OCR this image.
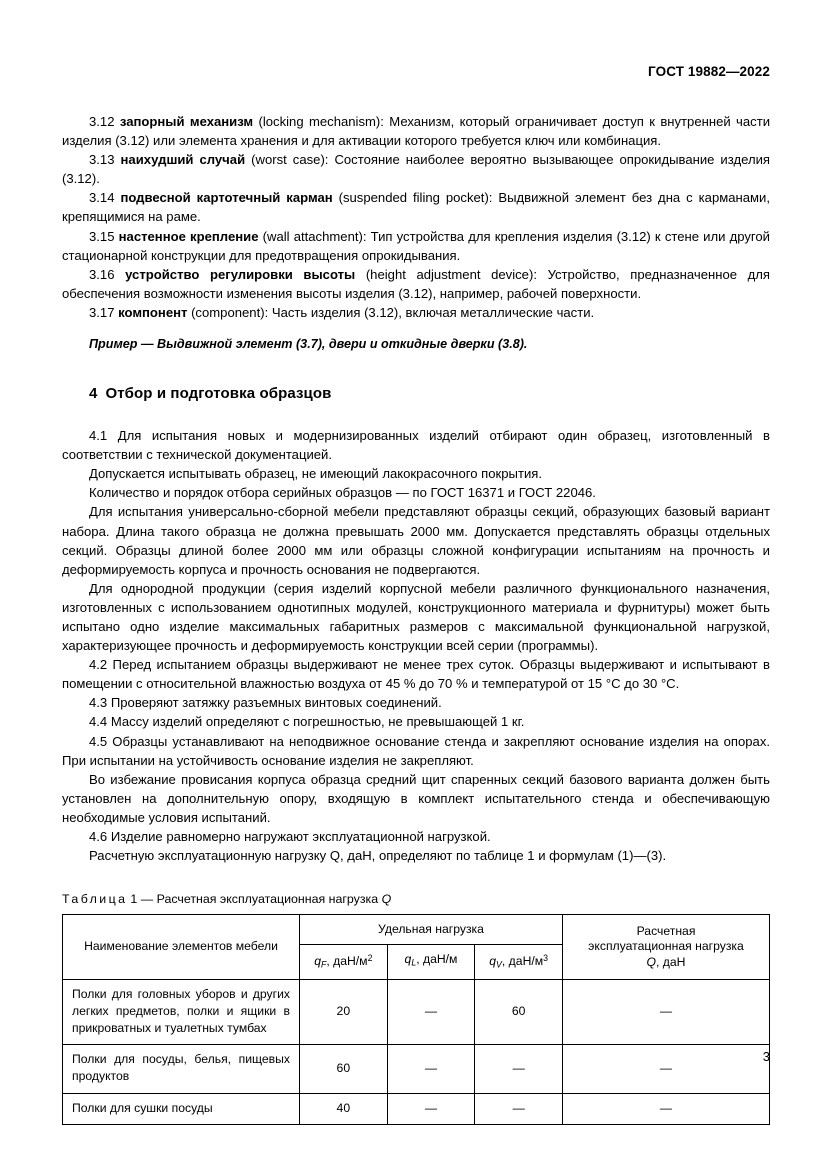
ГОСТ 19882—2022

3.12 запорный механизм (locking mechanism): Механизм, который ограничивает доступ к внутренней части изделия (3.12) или элемента хранения и для активации которого требуется ключ или комбинация.

3.13 наихудший случай (worst case): Состояние наиболее вероятно вызывающее опрокидывание изделия (3.12).

3.14 подвесной картотечный карман (suspended filing pocket): Выдвижной элемент без дна с карманами, крепящимися на раме.

3.15 настенное крепление (wall attachment): Тип устройства для крепления изделия (3.12) к стене или другой стационарной конструкции для предотвращения опрокидывания.

3.16 устройство регулировки высоты (height adjustment device): Устройство, предназначенное для обеспечения возможности изменения высоты изделия (3.12), например, рабочей поверхности.

3.17 компонент (component): Часть изделия (3.12), включая металлические части.

Пример — Выдвижной элемент (3.7), двери и откидные дверки (3.8).

4 Отбор и подготовка образцов

4.1 Для испытания новых и модернизированных изделий отбирают один образец, изготовленный в соответствии с технической документацией.

Допускается испытывать образец, не имеющий лакокрасочного покрытия.

Количество и порядок отбора серийных образцов — по ГОСТ 16371 и ГОСТ 22046.

Для испытания универсально-сборной мебели представляют образцы секций, образующих базовый вариант набора. Длина такого образца не должна превышать 2000 мм. Допускается представлять образцы отдельных секций. Образцы длиной более 2000 мм или образцы сложной конфигурации испытаниям на прочность и деформируемость корпуса и прочность основания не подвергаются.

Для однородной продукции (серия изделий корпусной мебели различного функционального назначения, изготовленных с использованием однотипных модулей, конструкционного материала и фурнитуры) может быть испытано одно изделие максимальных габаритных размеров с максимальной функциональной нагрузкой, характеризующее прочность и деформируемость конструкции всей серии (программы).

4.2 Перед испытанием образцы выдерживают не менее трех суток. Образцы выдерживают и испытывают в помещении с относительной влажностью воздуха от 45 % до 70 % и температурой от 15 °C до 30 °C.

4.3 Проверяют затяжку разъемных винтовых соединений.

4.4 Массу изделий определяют с погрешностью, не превышающей 1 кг.

4.5 Образцы устанавливают на неподвижное основание стенда и закрепляют основание изделия на опорах. При испытании на устойчивость основание изделия не закрепляют.

Во избежание провисания корпуса образца средний щит спаренных секций базового варианта должен быть установлен на дополнительную опору, входящую в комплект испытательного стенда и обеспечивающую необходимые условия испытаний.

4.6 Изделие равномерно нагружают эксплуатационной нагрузкой.

Расчетную эксплуатационную нагрузку Q, даН, определяют по таблице 1 и формулам (1)—(3).

Таблица 1 — Расчетная эксплуатационная нагрузка Q
Наименование элементов мебели	Удельная нагрузка			Расчетная
эксплуатационная нагрузка
Q, даН
	$q_F$, даН/$м^2$	$q_L$, даН/м	$q_V$, даН/$м^3$
Полки для головных уборов и других легких предметов, полки и ящики в прикроватных и туалетных тумбах	20	—	60	—
Полки для посуды, белья, пищевых продуктов	60	—	—	—
Полки для сушки посуды	40	—	—	—
3
